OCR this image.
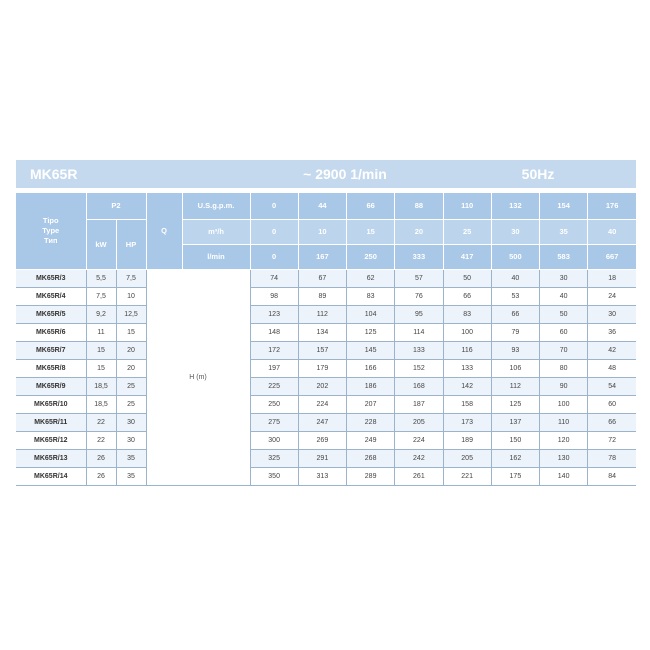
MK65R	~ 2900 1/min	50Hz
Tipo
Type
Тип	P2		Q	U.S.g.p.m.	0	44	66	88	110	132	154	176
	kW	HP		m³/h	0	10	15	20	25	30	35	40
				l/min	0	167	250	333	417	500	583	667
MK65R/3	5,5	7,5	H (m)		74	67	62	57	50	40	30	18
MK65R/4	7,5	10			98	89	83	76	66	53	40	24
MK65R/5	9,2	12,5			123	112	104	95	83	66	50	30
MK65R/6	11	15			148	134	125	114	100	79	60	36
MK65R/7	15	20			172	157	145	133	116	93	70	42
MK65R/8	15	20			197	179	166	152	133	106	80	48
MK65R/9	18,5	25			225	202	186	168	142	112	90	54
MK65R/10	18,5	25			250	224	207	187	158	125	100	60
MK65R/11	22	30			275	247	228	205	173	137	110	66
MK65R/12	22	30			300	269	249	224	189	150	120	72
MK65R/13	26	35			325	291	268	242	205	162	130	78
MK65R/14	26	35			350	313	289	261	221	175	140	84
